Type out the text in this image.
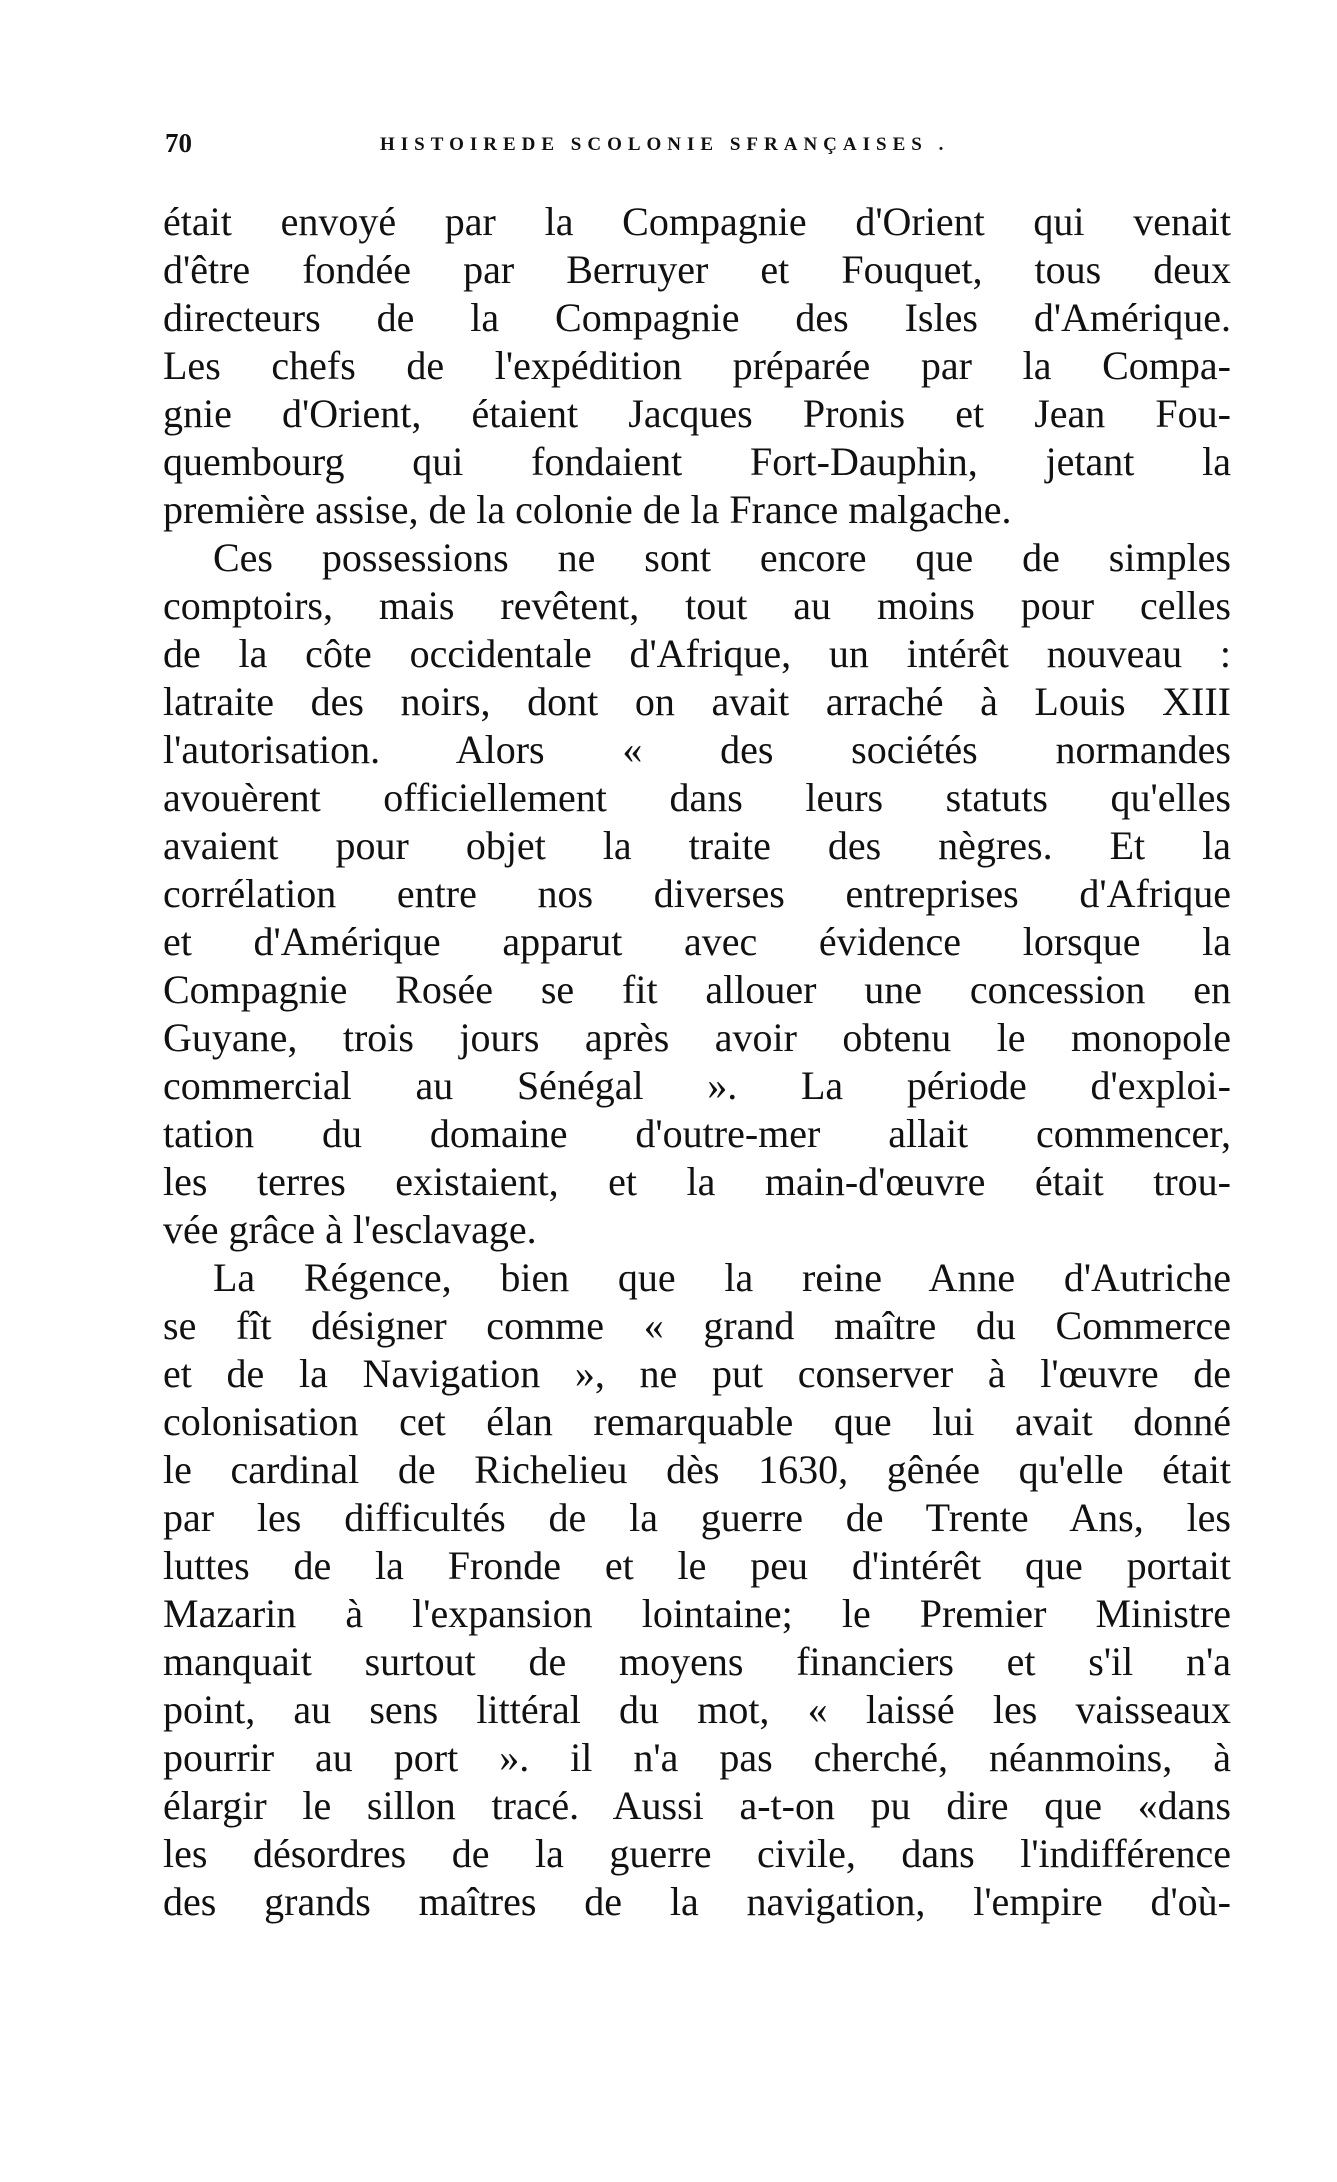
70	HISTOIREDE SCOLONIE SFRANÇAISES .
était envoyé par la Compagnie d'Orient qui venait
d'être fondée par Berruyer et Fouquet, tous deux
directeurs de la Compagnie des Isles d'Amérique.
Les chefs de l'expédition préparée par la Compa-
gnie d'Orient, étaient Jacques Pronis et Jean Fou-
quembourg qui fondaient Fort-Dauphin, jetant la
première assise, de la colonie de la France malgache.
Ces possessions ne sont encore que de simples
comptoirs, mais revêtent, tout au moins pour celles
de la côte occidentale d'Afrique, un intérêt nouveau :
latraite des noirs, dont on avait arraché à Louis XIII
l'autorisation. Alors « des sociétés normandes
avouèrent officiellement dans leurs statuts qu'elles
avaient pour objet la traite des nègres. Et la
corrélation entre nos diverses entreprises d'Afrique
et d'Amérique apparut avec évidence lorsque la
Compagnie Rosée se fit allouer une concession en
Guyane, trois jours après avoir obtenu le monopole
commercial au Sénégal ». La période d'exploi-
tation du domaine d'outre-mer allait commencer,
les terres existaient, et la main-d'œuvre était trou-
vée grâce à l'esclavage.
La Régence, bien que la reine Anne d'Autriche
se fît désigner comme « grand maître du Commerce
et de la Navigation », ne put conserver à l'œuvre de
colonisation cet élan remarquable que lui avait donné
le cardinal de Richelieu dès 1630, gênée qu'elle était
par les difficultés de la guerre de Trente Ans, les
luttes de la Fronde et le peu d'intérêt que portait
Mazarin à l'expansion lointaine; le Premier Ministre
manquait surtout de moyens financiers et s'il n'a
point, au sens littéral du mot, « laissé les vaisseaux
pourrir au port ». il n'a pas cherché, néanmoins, à
élargir le sillon tracé. Aussi a-t-on pu dire que «dans
les désordres de la guerre civile, dans l'indifférence
des grands maîtres de la navigation, l'empire d'où-
